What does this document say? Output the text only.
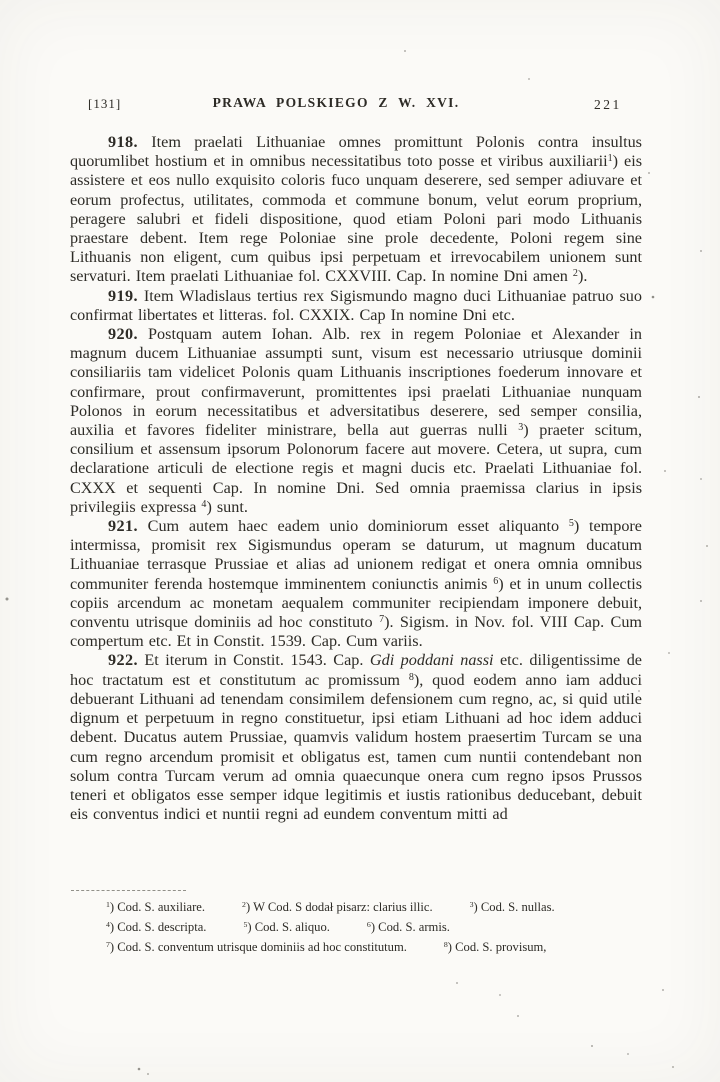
[131]	PRAWA POLSKIEGO Z W. XVI.	221

918. Item praelati Lithuaniae omnes promittunt Polonis contra insultus quorumlibet hostium et in omnibus necessitatibus toto posse et viribus auxiliarii$^1$) eis assistere et eos nullo exquisito coloris fuco unquam deserere, sed semper adiuvare et eorum profectus, utilitates, commoda et commune bonum, velut eorum proprium, peragere salubri et fideli dispositione, quod etiam Poloni pari modo Lithuanis praestare debent. Item rege Poloniae sine prole decedente, Poloni regem sine Lithuanis non eligent, cum quibus ipsi perpetuam et irrevocabilem unionem sunt servaturi. Item praelati Lithuaniae fol. CXXVIII. Cap. In nomine Dni amen $^2$).

919. Item Wladislaus tertius rex Sigismundo magno duci Lithuaniae patruo suo confirmat libertates et litteras. fol. CXXIX. Cap In nomine Dni etc.

920. Postquam autem Iohan. Alb. rex in regem Poloniae et Alexander in magnum ducem Lithuaniae assumpti sunt, visum est necessario utriusque dominii consiliariis tam videlicet Polonis quam Lithuanis inscriptiones foederum innovare et confirmare, prout confirmaverunt, promittentes ipsi praelati Lithuaniae nunquam Polonos in eorum necessitatibus et adversitatibus deserere, sed semper consilia, auxilia et favores fideliter ministrare, bella aut guerras nulli $^3$) praeter scitum, consilium et assensum ipsorum Polonorum facere aut movere. Cetera, ut supra, cum declaratione articuli de electione regis et magni ducis etc. Praelati Lithuaniae fol. CXXX et sequenti Cap. In nomine Dni. Sed omnia praemissa clarius in ipsis privilegiis expressa $^4$) sunt.

921. Cum autem haec eadem unio dominiorum esset aliquanto $^5$) tempore intermissa, promisit rex Sigismundus operam se daturum, ut magnum ducatum Lithuaniae terrasque Prussiae et alias ad unionem redigat et onera omnia omnibus communiter ferenda hostemque imminentem coniunctis animis $^6$) et in unum collectis copiis arcendum ac monetam aequalem communiter recipiendam imponere debuit, conventu utrisque dominiis ad hoc constituto $^7$). Sigism. in Nov. fol. VIII Cap. Cum compertum etc. Et in Constit. 1539. Cap. Cum variis.

922. Et iterum in Constit. 1543. Cap. Gdi poddani nassi etc. diligentissime de hoc tractatum est et constitutum ac promissum $^8$), quod eodem anno iam adduci debuerant Lithuani ad tenendam consimilem defensionem cum regno, ac, si quid utile dignum et perpetuum in regno constituetur, ipsi etiam Lithuani ad hoc idem adduci debent. Ducatus autem Prussiae, quamvis validum hostem praesertim Turcam se una cum regno arcendum promisit et obligatus est, tamen cum nuntii contendebant non solum contra Turcam verum ad omnia quaecunque onera cum regno ipsos Prussos teneri et obligatos esse semper idque legitimis et iustis rationibus deducebant, debuit eis conventus indici et nuntii regni ad eundem conventum mitti ad

$^1$) Cod. S. auxiliare.	$^2$) W Cod. S dodał pisarz: clarius illic.	$^3$) Cod. S. nullas.
$^4$) Cod. S. descripta.	$^5$) Cod. S. aliquo.	$^6$) Cod. S. armis.
$^7$) Cod. S. conventum utrisque dominiis ad hoc constitutum.	$^8$) Cod. S. provisum,
